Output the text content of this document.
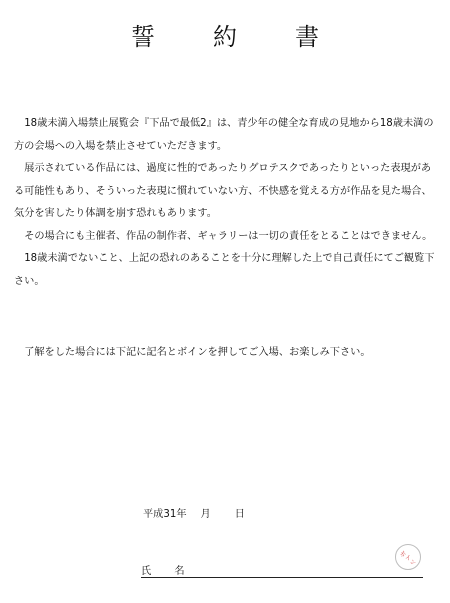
誓 約 書

18歳未満入場禁止展覧会『下品で最低2』は、青少年の健全な育成の見地から18歳未満の方の会場への入場を禁止させていただきます。

展示されている作品には、過度に性的であったりグロテスクであったりといった表現がある可能性もあり、そういった表現に慣れていない方、不快感を覚える方が作品を見た場合、気分を害したり体調を崩す恐れもあります。

その場合にも主催者、作品の制作者、ギャラリーは一切の責任をとることはできません。

18歳未満でないこと、上記の恐れのあることを十分に理解した上で自己責任にてご観覧下さい。

了解をした場合には下記に記名とボインを押してご入場、お楽しみ下さい。

平成31年 月 日
氏 名
ボ
イ
ン
